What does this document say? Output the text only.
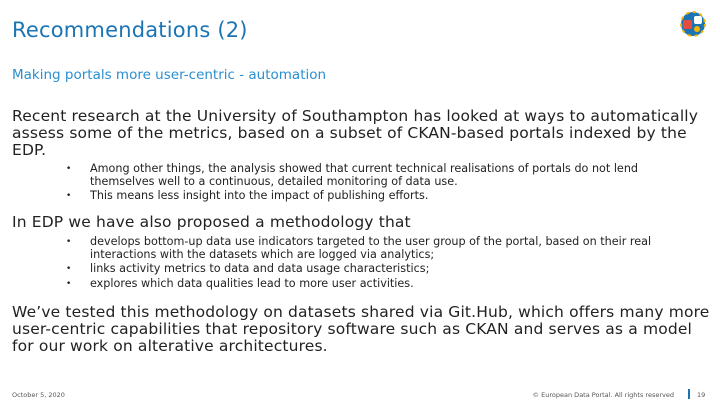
Recommendations (2)
Making portals more user-centric - automation
Recent research at the University of Southampton has looked at ways to automatically assess some of the metrics, based on a subset of CKAN-based portals indexed by the EDP.
• Among other things, the analysis showed that current technical realisations of portals do not lend themselves well to a continuous, detailed monitoring of data use.
• This means less insight into the impact of publishing efforts.
In EDP we have also proposed a methodology that
• develops bottom-up data use indicators targeted to the user group of the portal, based on their real interactions with the datasets which are logged via analytics;
• links activity metrics to data and data usage characteristics;
• explores which data qualities lead to more user activities.
We’ve tested this methodology on datasets shared via Git.Hub, which offers many more user-centric capabilities that repository software such as CKAN and serves as a model for our work on alterative architectures.
October 5, 2020	© European Data Portal. All rights reserved	19
